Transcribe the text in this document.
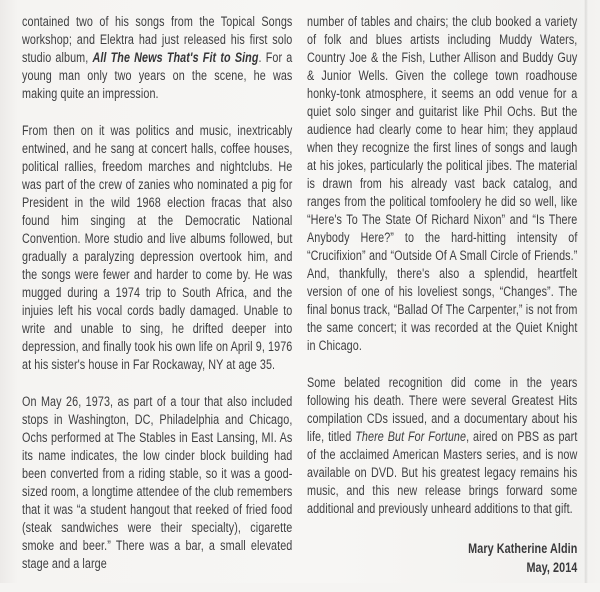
contained two of his songs from the Topical Songs workshop; and Elektra had just released his first solo studio album, All The News That's Fit to Sing. For a young man only two years on the scene, he was making quite an impression.

From then on it was politics and music, inextricably entwined, and he sang at concert halls, coffee houses, political rallies, freedom marches and nightclubs. He was part of the crew of zanies who nominated a pig for President in the wild 1968 election fracas that also found him singing at the Democratic National Convention. More studio and live albums followed, but gradually a paralyzing depression overtook him, and the songs were fewer and harder to come by. He was mugged during a 1974 trip to South Africa, and the injuies left his vocal cords badly damaged. Unable to write and unable to sing, he drifted deeper into depression, and finally took his own life on April 9, 1976 at his sister's house in Far Rockaway, NY at age 35.

On May 26, 1973, as part of a tour that also included stops in Washington, DC, Philadelphia and Chicago, Ochs performed at The Stables in East Lansing, MI. As its name indicates, the low cinder block building had been converted from a riding stable, so it was a good-sized room, a longtime attendee of the club remembers that it was “a student hangout that reeked of fried food (steak sandwiches were their specialty), cigarette smoke and beer.” There was a bar, a small elevated stage and a large

number of tables and chairs; the club booked a variety of folk and blues artists including Muddy Waters, Country Joe & the Fish, Luther Allison and Buddy Guy & Junior Wells. Given the college town roadhouse honky-tonk atmosphere, it seems an odd venue for a quiet solo singer and guitarist like Phil Ochs. But the audience had clearly come to hear him; they applaud when they recognize the first lines of songs and laugh at his jokes, particularly the political jibes. The material is drawn from his already vast back catalog, and ranges from the political tomfoolery he did so well, like “Here's To The State Of Richard Nixon” and “Is There Anybody Here?” to the hard-hitting intensity of “Crucifixion” and “Outside Of A Small Circle of Friends.” And, thankfully, there's also a splendid, heartfelt version of one of his loveliest songs, “Changes”. The final bonus track, “Ballad Of The Carpenter,” is not from the same concert; it was recorded at the Quiet Knight in Chicago.

Some belated recognition did come in the years following his death. There were several Greatest Hits compilation CDs issued, and a documentary about his life, titled There But For Fortune, aired on PBS as part of the acclaimed American Masters series, and is now available on DVD. But his greatest legacy remains his music, and this new release brings forward some additional and previously unheard additions to that gift.

Mary Katherine Aldin
May, 2014
